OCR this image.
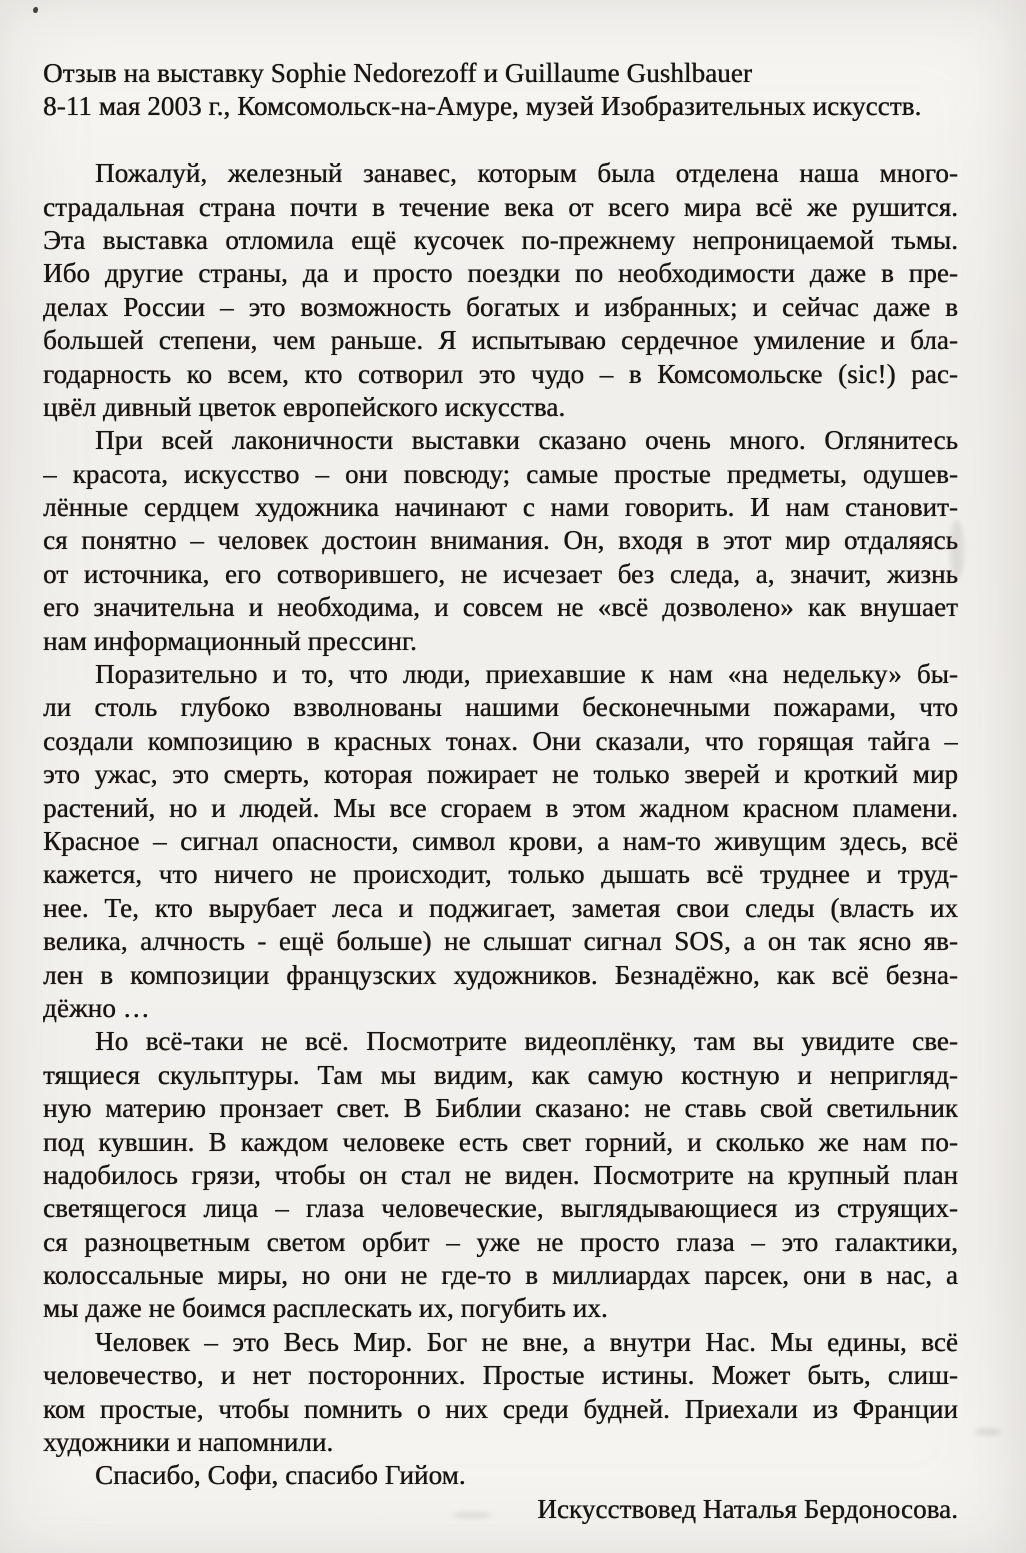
Отзыв на выставку Sophie Nedorezoff и Guillaume Gushlbauer
8-11 мая 2003 г., Комсомольск-на-Амуре, музей Изобразительных искусств.
Пожалуй, железный занавес, которым была отделена наша много-
страдальная страна почти в течение века от всего мира всё же рушится.
Эта выставка отломила ещё кусочек по-прежнему непроницаемой тьмы.
Ибо другие страны, да и просто поездки по необходимости даже в пре-
делах России – это возможность богатых и избранных; и сейчас даже в
большей степени, чем раньше. Я испытываю сердечное умиление и бла-
годарность ко всем, кто сотворил это чудо – в Комсомольске (sic!) рас-
цвёл дивный цветок европейского искусства.
При всей лаконичности выставки сказано очень много. Оглянитесь
– красота, искусство – они повсюду; самые простые предметы, одушев-
лённые сердцем художника начинают с нами говорить. И нам становит-
ся понятно – человек достоин внимания. Он, входя в этот мир отдаляясь
от источника, его сотворившего, не исчезает без следа, а, значит, жизнь
его значительна и необходима, и совсем не «всё дозволено» как внушает
нам информационный прессинг.
Поразительно и то, что люди, приехавшие к нам «на недельку» бы-
ли столь глубоко взволнованы нашими бесконечными пожарами, что
создали композицию в красных тонах. Они сказали, что горящая тайга –
это ужас, это смерть, которая пожирает не только зверей и кроткий мир
растений, но и людей. Мы все сгораем в этом жадном красном пламени.
Красное – сигнал опасности, символ крови, а нам-то живущим здесь, всё
кажется, что ничего не происходит, только дышать всё труднее и труд-
нее. Те, кто вырубает леса и поджигает, заметая свои следы (власть их
велика, алчность - ещё больше) не слышат сигнал SOS, а он так ясно яв-
лен в композиции французских художников. Безнадёжно, как всё безна-
дёжно …
Но всё-таки не всё. Посмотрите видеоплёнку, там вы увидите све-
тящиеся скульптуры. Там мы видим, как самую костную и непригляд-
ную материю пронзает свет. В Библии сказано: не ставь свой светильник
под кувшин. В каждом человеке есть свет горний, и сколько же нам по-
надобилось грязи, чтобы он стал не виден. Посмотрите на крупный план
светящегося лица – глаза человеческие, выглядывающиеся из струящих-
ся разноцветным светом орбит – уже не просто глаза – это галактики,
колоссальные миры, но они не где-то в миллиардах парсек, они в нас, а
мы даже не боимся расплескать их, погубить их.
Человек – это Весь Мир. Бог не вне, а внутри Нас. Мы едины, всё
человечество, и нет посторонних. Простые истины. Может быть, слиш-
ком простые, чтобы помнить о них среди будней. Приехали из Франции
художники и напомнили.
Спасибо, Софи, спасибо Гийом.
Искусствовед Наталья Бердоносова.
